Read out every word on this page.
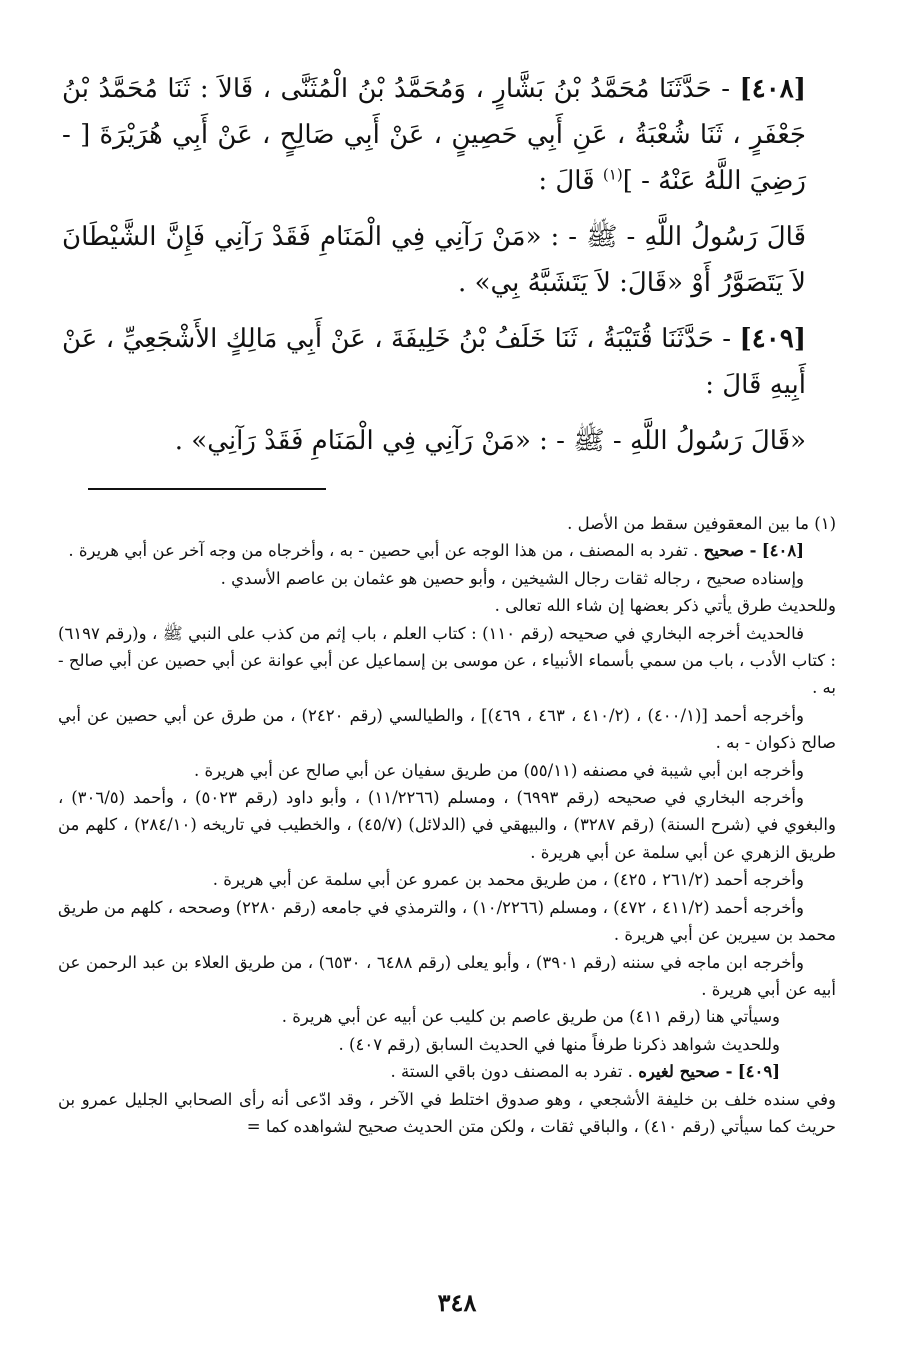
[٤٠٨] - حَدَّثَنَا مُحَمَّدُ بْنُ بَشَّارٍ ، وَمُحَمَّدُ بْنُ الْمُثَنَّى ، قَالاَ : ثَنَا مُحَمَّدُ بْنُ جَعْفَرٍ ، ثَنَا شُعْبَةُ ، عَنِ أَبِي حَصِينٍ ، عَنْ أَبِي صَالِحٍ ، عَنْ أَبِي هُرَيْرَةَ [ - رَضِيَ اللَّهُ عَنْهُ - ]$^{(١)}$ قَالَ :

قَالَ رَسُولُ اللَّهِ - ﷺ - : «مَنْ رَآنِي فِي الْمَنَامِ فَقَدْ رَآنِي فَإِنَّ الشَّيْطَانَ لاَ يَتَصَوَّرُ أَوْ «قَالَ: لاَ يَتَشَبَّهُ بِي» .

[٤٠٩] - حَدَّثَنَا قُتَيْبَةُ ، ثَنَا خَلَفُ بْنُ خَلِيفَةَ ، عَنْ أَبِي مَالِكٍ الأَشْجَعِيِّ ، عَنْ أَبِيهِ قَالَ :

«قَالَ رَسُولُ اللَّهِ - ﷺ - : «مَنْ رَآنِي فِي الْمَنَامِ فَقَدْ رَآنِي» .

(١) ما بين المعقوفين سقط من الأصل .

[٤٠٨] - صحيح . تفرد به المصنف ، من هذا الوجه عن أبي حصين - به ، وأخرجاه من وجه آخر عن أبي هريرة .

وإسناده صحيح ، رجاله ثقات رجال الشيخين ، وأبو حصين هو عثمان بن عاصم الأسدي .

وللحديث طرق يأتي ذكر بعضها إن شاء الله تعالى .

فالحديث أخرجه البخاري في صحيحه (رقم ١١٠) : كتاب العلم ، باب إثم من كذب على النبي ﷺ ، و(رقم ٦١٩٧) : كتاب الأدب ، باب من سمي بأسماء الأنبياء ، عن موسى بن إسماعيل عن أبي عوانة عن أبي حصين عن أبي صالح - به .

وأخرجه أحمد [(٤٠٠/١) ، (٤١٠/٢ ، ٤٦٣ ، ٤٦٩)] ، والطيالسي (رقم ٢٤٢٠) ، من طرق عن أبي حصين عن أبي صالح ذكوان - به .

وأخرجه ابن أبي شيبة في مصنفه (٥٥/١١) من طريق سفيان عن أبي صالح عن أبي هريرة .

وأخرجه البخاري في صحيحه (رقم ٦٩٩٣) ، ومسلم (١١/٢٢٦٦) ، وأبو داود (رقم ٥٠٢٣) ، وأحمد (٣٠٦/٥) ، والبغوي في (شرح السنة) (رقم ٣٢٨٧) ، والبيهقي في (الدلائل) (٤٥/٧) ، والخطيب في تاريخه (٢٨٤/١٠) ، كلهم من طريق الزهري عن أبي سلمة عن أبي هريرة .

وأخرجه أحمد (٢٦١/٢ ، ٤٢٥) ، من طريق محمد بن عمرو عن أبي سلمة عن أبي هريرة .

وأخرجه أحمد (٤١١/٢ ، ٤٧٢) ، ومسلم (١٠/٢٢٦٦) ، والترمذي في جامعه (رقم ٢٢٨٠) وصححه ، كلهم من طريق محمد بن سيرين عن أبي هريرة .

وأخرجه ابن ماجه في سننه (رقم ٣٩٠١) ، وأبو يعلى (رقم ٦٤٨٨ ، ٦٥٣٠) ، من طريق العلاء بن عبد الرحمن عن أبيه عن أبي هريرة .

وسيأتي هنا (رقم ٤١١) من طريق عاصم بن كليب عن أبيه عن أبي هريرة .

وللحديث شواهد ذكرنا طرفاً منها في الحديث السابق (رقم ٤٠٧) .

[٤٠٩] - صحيح لغيره . تفرد به المصنف دون باقي الستة .

وفي سنده خلف بن خليفة الأشجعي ، وهو صدوق اختلط في الآخر ، وقد ادّعى أنه رأى الصحابي الجليل عمرو بن حريث كما سيأتي (رقم ٤١٠) ، والباقي ثقات ، ولكن متن الحديث صحيح لشواهده كما =

٣٤٨
